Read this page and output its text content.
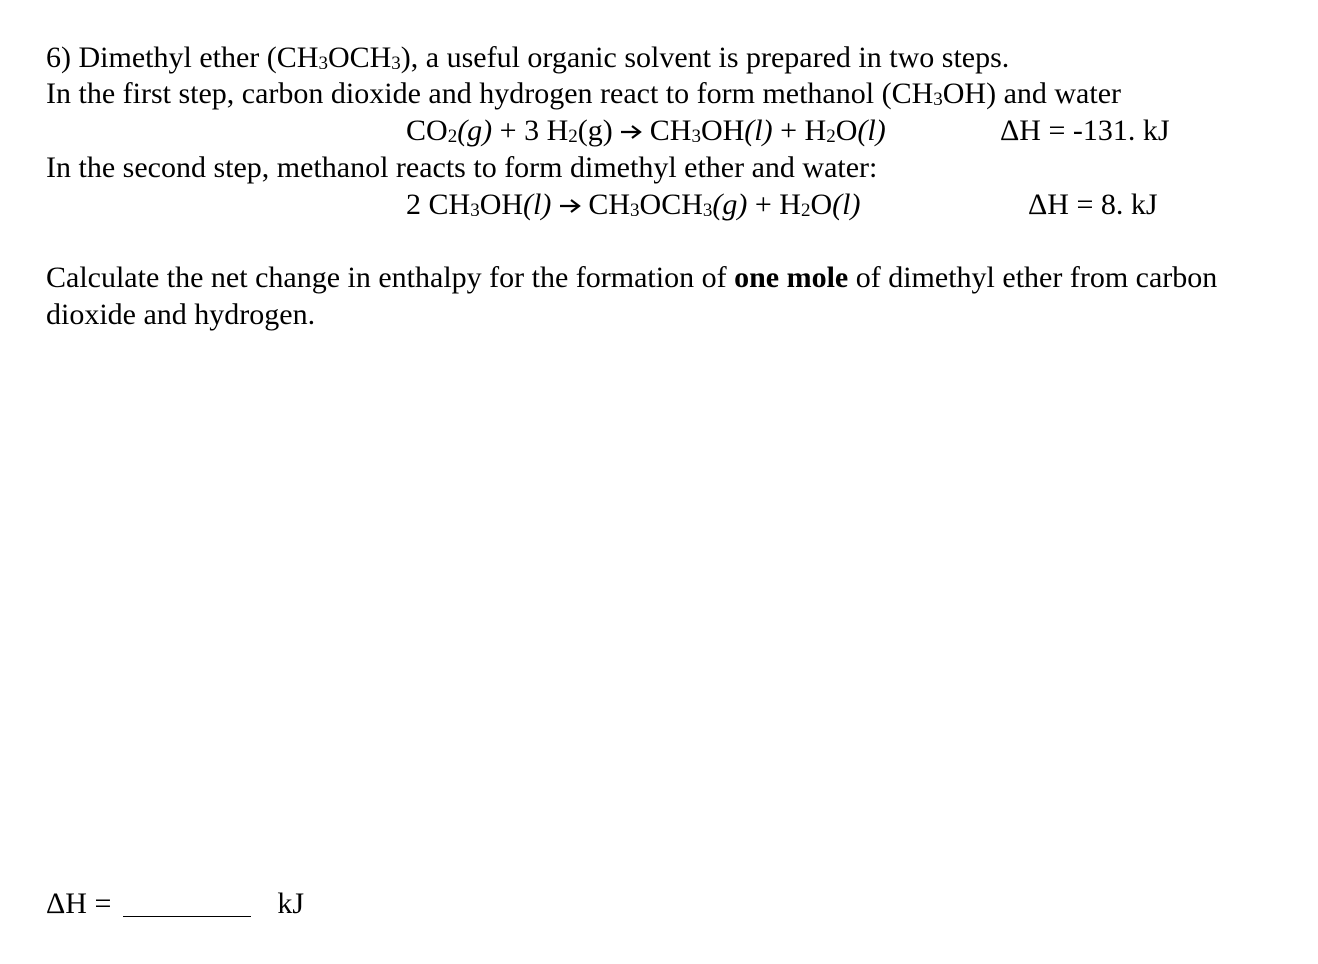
6) Dimethyl ether (CH3OCH3), a useful organic solvent is prepared in two steps.
In the first step, carbon dioxide and hydrogen react to form methanol (CH3OH) and water
CO2(g) + 3 H2(g) → CH3OH(l) + H2O(l)	ΔH = -131. kJ
In the second step, methanol reacts to form dimethyl ether and water:
2 CH3OH(l) → CH3OCH3(g) + H2O(l)	ΔH = 8. kJ
Calculate the net change in enthalpy for the formation of one mole of dimethyl ether from carbon
dioxide and hydrogen.
ΔH =	kJ
